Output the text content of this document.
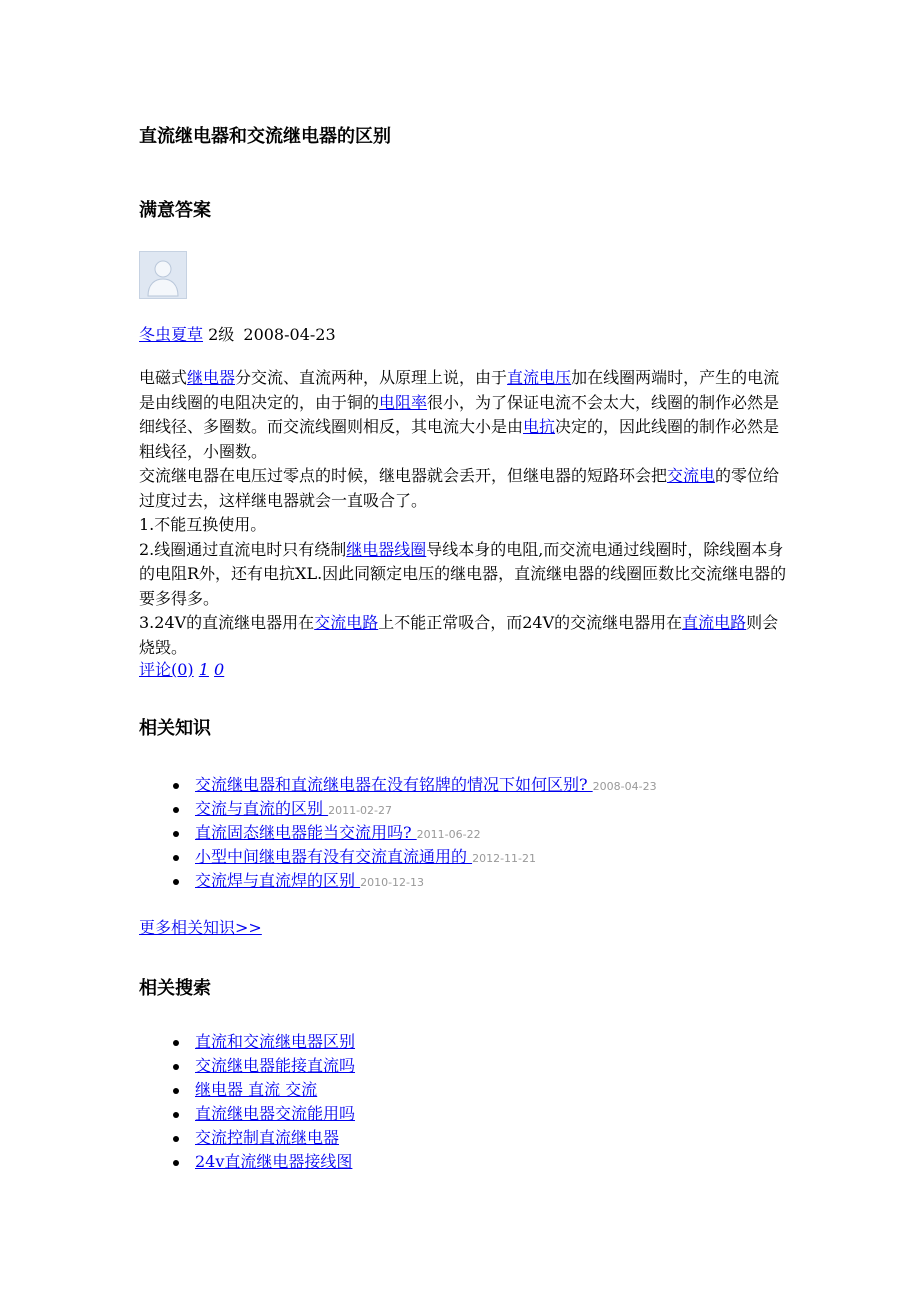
直流继电器和交流继电器的区别
满意答案
冬虫夏草 2级 2008-04-23

电磁式继电器分交流、直流两种，从原理上说，由于直流电压加在线圈两端时，产生的电流是由线圈的电阻决定的，由于铜的电阻率很小，为了保证电流不会太大，线圈的制作必然是细线径、多圈数。而交流线圈则相反，其电流大小是由电抗决定的，因此线圈的制作必然是粗线径，小圈数。

交流继电器在电压过零点的时候，继电器就会丢开，但继电器的短路环会把交流电的零位给过度过去，这样继电器就会一直吸合了。

1.不能互换使用。

2.线圈通过直流电时只有绕制继电器线圈导线本身的电阻,而交流电通过线圈时，除线圈本身的电阻R外，还有电抗XL.因此同额定电压的继电器，直流继电器的线圈匝数比交流继电器的要多得多。

3.24V的直流继电器用在交流电路上不能正常吸合，而24V的交流继电器用在直流电路则会烧毁。

评论(0) 1 0
相关知识
交流继电器和直流继电器在没有铭牌的情况下如何区别? 2008-04-23
交流与直流的区别 2011-02-27
直流固态继电器能当交流用吗? 2011-06-22
小型中间继电器有没有交流直流通用的 2012-11-21
交流焊与直流焊的区别 2010-12-13
更多相关知识>>
相关搜索
直流和交流继电器区别
交流继电器能接直流吗
继电器 直流 交流
直流继电器交流能用吗
交流控制直流继电器
24v直流继电器接线图
